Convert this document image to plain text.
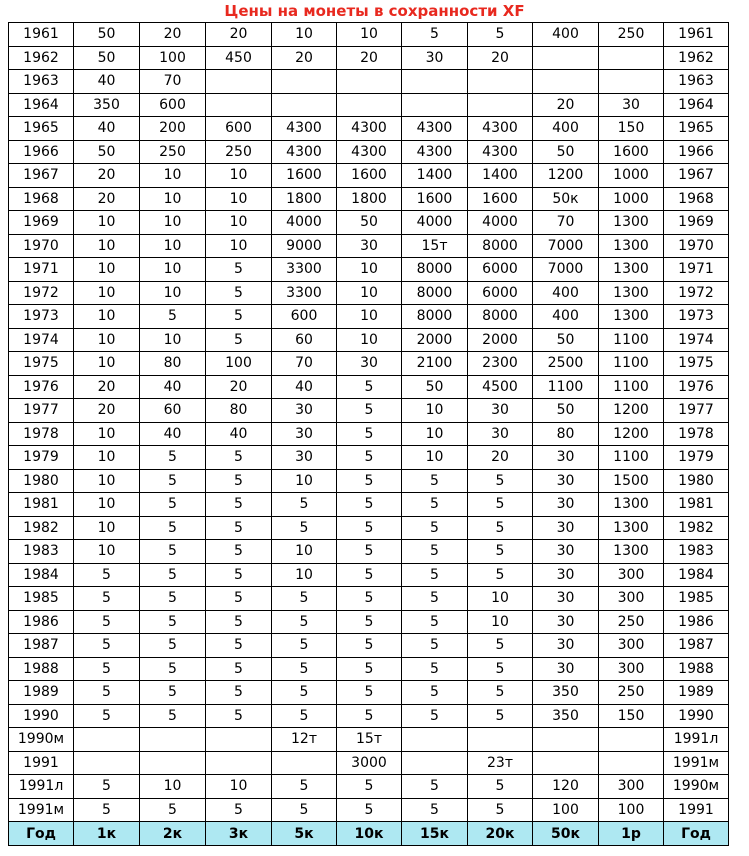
Цены на монеты в сохранности XF
1961	50	20	20	10	10	5	5	400	250	1961
1962	50	100	450	20	20	30	20			1962
1963	40	70								1963
1964	350	600						20	30	1964
1965	40	200	600	4300	4300	4300	4300	400	150	1965
1966	50	250	250	4300	4300	4300	4300	50	1600	1966
1967	20	10	10	1600	1600	1400	1400	1200	1000	1967
1968	20	10	10	1800	1800	1600	1600	50к	1000	1968
1969	10	10	10	4000	50	4000	4000	70	1300	1969
1970	10	10	10	9000	30	15т	8000	7000	1300	1970
1971	10	10	5	3300	10	8000	6000	7000	1300	1971
1972	10	10	5	3300	10	8000	6000	400	1300	1972
1973	10	5	5	600	10	8000	8000	400	1300	1973
1974	10	10	5	60	10	2000	2000	50	1100	1974
1975	10	80	100	70	30	2100	2300	2500	1100	1975
1976	20	40	20	40	5	50	4500	1100	1100	1976
1977	20	60	80	30	5	10	30	50	1200	1977
1978	10	40	40	30	5	10	30	80	1200	1978
1979	10	5	5	30	5	10	20	30	1100	1979
1980	10	5	5	10	5	5	5	30	1500	1980
1981	10	5	5	5	5	5	5	30	1300	1981
1982	10	5	5	5	5	5	5	30	1300	1982
1983	10	5	5	10	5	5	5	30	1300	1983
1984	5	5	5	10	5	5	5	30	300	1984
1985	5	5	5	5	5	5	10	30	300	1985
1986	5	5	5	5	5	5	10	30	250	1986
1987	5	5	5	5	5	5	5	30	300	1987
1988	5	5	5	5	5	5	5	30	300	1988
1989	5	5	5	5	5	5	5	350	250	1989
1990	5	5	5	5	5	5	5	350	150	1990
1990м				12т	15т					1991л
1991					3000		23т			1991м
1991л	5	10	10	5	5	5	5	120	300	1990м
1991м	5	5	5	5	5	5	5	100	100	1991
Год	1к	2к	3к	5к	10к	15к	20к	50к	1р	Год
